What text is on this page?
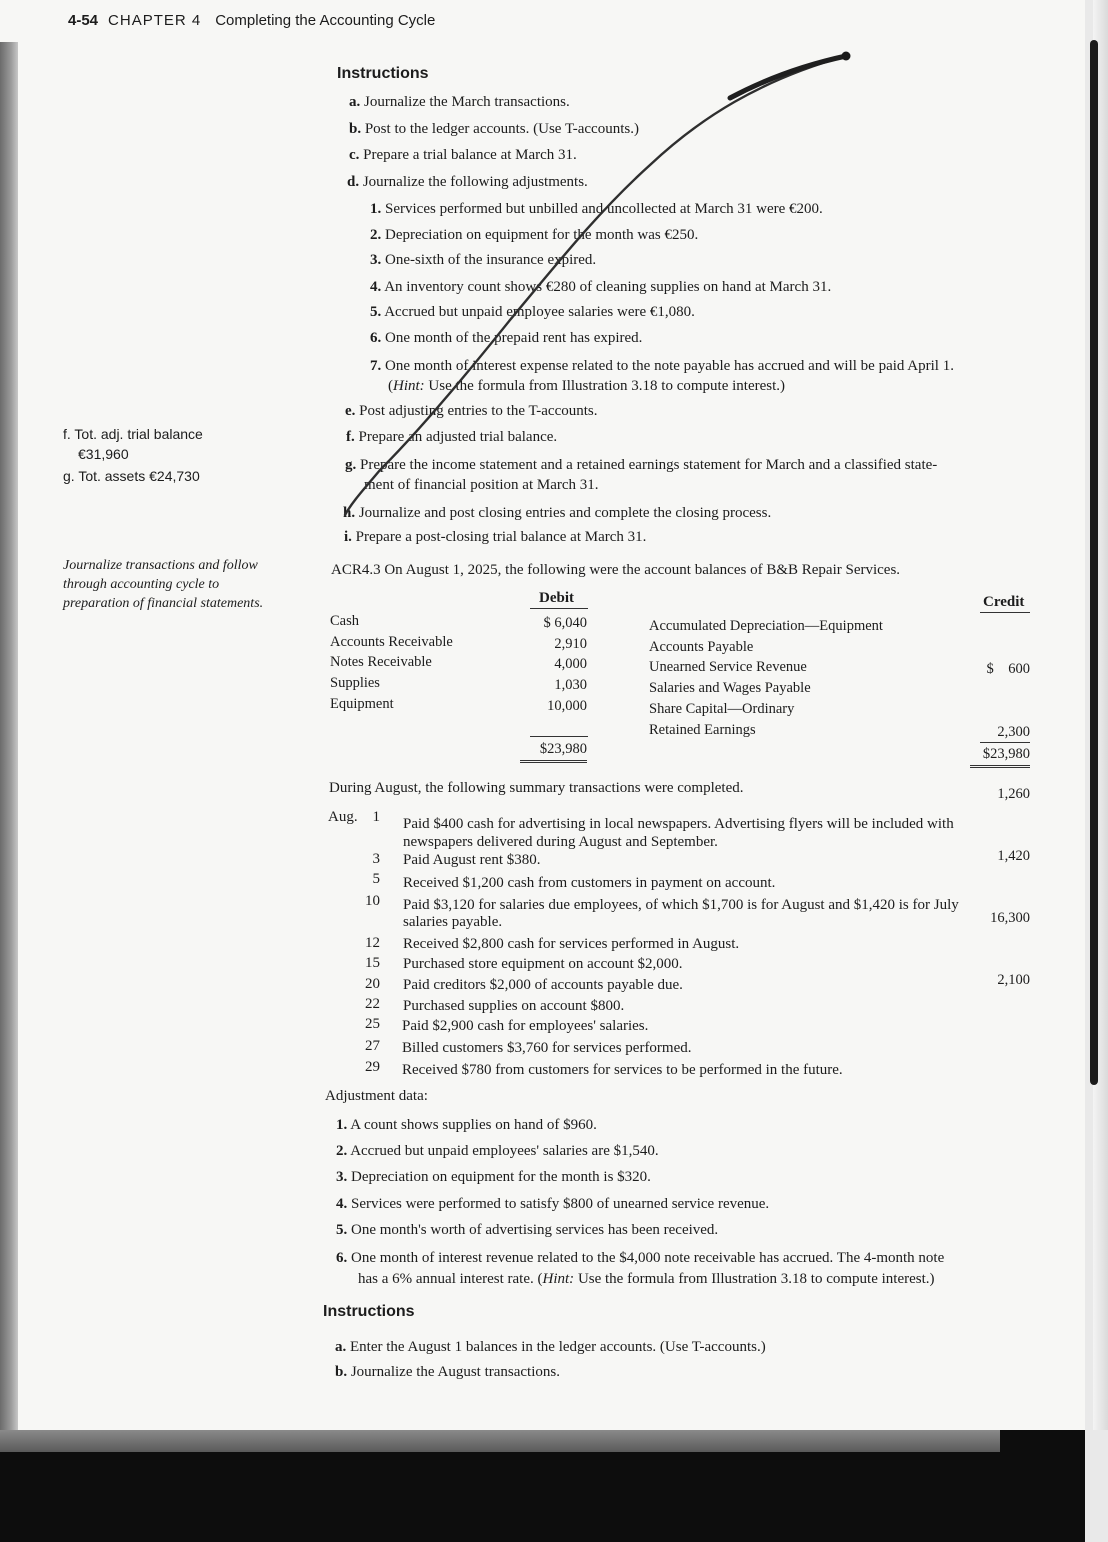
4-54 CHAPTER 4 Completing the Accounting Cycle
Instructions
a. Journalize the March transactions.
b. Post to the ledger accounts. (Use T-accounts.)
c. Prepare a trial balance at March 31.
d. Journalize the following adjustments.
1. Services performed but unbilled and uncollected at March 31 were €200.
2. Depreciation on equipment for the month was €250.
3. One-sixth of the insurance expired.
4. An inventory count shows €280 of cleaning supplies on hand at March 31.
5. Accrued but unpaid employee salaries were €1,080.
6. One month of the prepaid rent has expired.
7. One month of interest expense related to the note payable has accrued and will be paid April 1.
(Hint: Use the formula from Illustration 3.18 to compute interest.)
e. Post adjusting entries to the T-accounts.
f. Prepare an adjusted trial balance.
g. Prepare the income statement and a retained earnings statement for March and a classified state-
ment of financial position at March 31.
h. Journalize and post closing entries and complete the closing process.
i. Prepare a post-closing trial balance at March 31.
f. Tot. adj. trial balance
€31,960
g. Tot. assets €24,730
Journalize transactions and follow
through accounting cycle to
preparation of financial statements.
ACR4.3 On August 1, 2025, the following were the account balances of B&B Repair Services.
Debit	Credit
Cash
Accounts Receivable
Notes Receivable
Supplies
Equipment
$ 6,040
2,910
4,000
1,030
10,000
$23,980
Accumulated Depreciation—Equipment
Accounts Payable
Unearned Service Revenue
Salaries and Wages Payable
Share Capital—Ordinary
Retained Earnings

$    600

2,300

1,260

1,420

16,300

2,100

$23,980
During August, the following summary transactions were completed.
Aug. 1 Paid $400 cash for advertising in local newspapers. Advertising flyers will be included with
newspapers delivered during August and September.
3 Paid August rent $380.
5 Received $1,200 cash from customers in payment on account.
10 Paid $3,120 for salaries due employees, of which $1,700 is for August and $1,420 is for July
salaries payable.
12 Received $2,800 cash for services performed in August.
15 Purchased store equipment on account $2,000.
20 Paid creditors $2,000 of accounts payable due.
22 Purchased supplies on account $800.
25 Paid $2,900 cash for employees' salaries.
27 Billed customers $3,760 for services performed.
29 Received $780 from customers for services to be performed in the future.
Adjustment data:
1. A count shows supplies on hand of $960.
2. Accrued but unpaid employees' salaries are $1,540.
3. Depreciation on equipment for the month is $320.
4. Services were performed to satisfy $800 of unearned service revenue.
5. One month's worth of advertising services has been received.
6. One month of interest revenue related to the $4,000 note receivable has accrued. The 4-month note
has a 6% annual interest rate. (Hint: Use the formula from Illustration 3.18 to compute interest.)
Instructions
a. Enter the August 1 balances in the ledger accounts. (Use T-accounts.)
b. Journalize the August transactions.
